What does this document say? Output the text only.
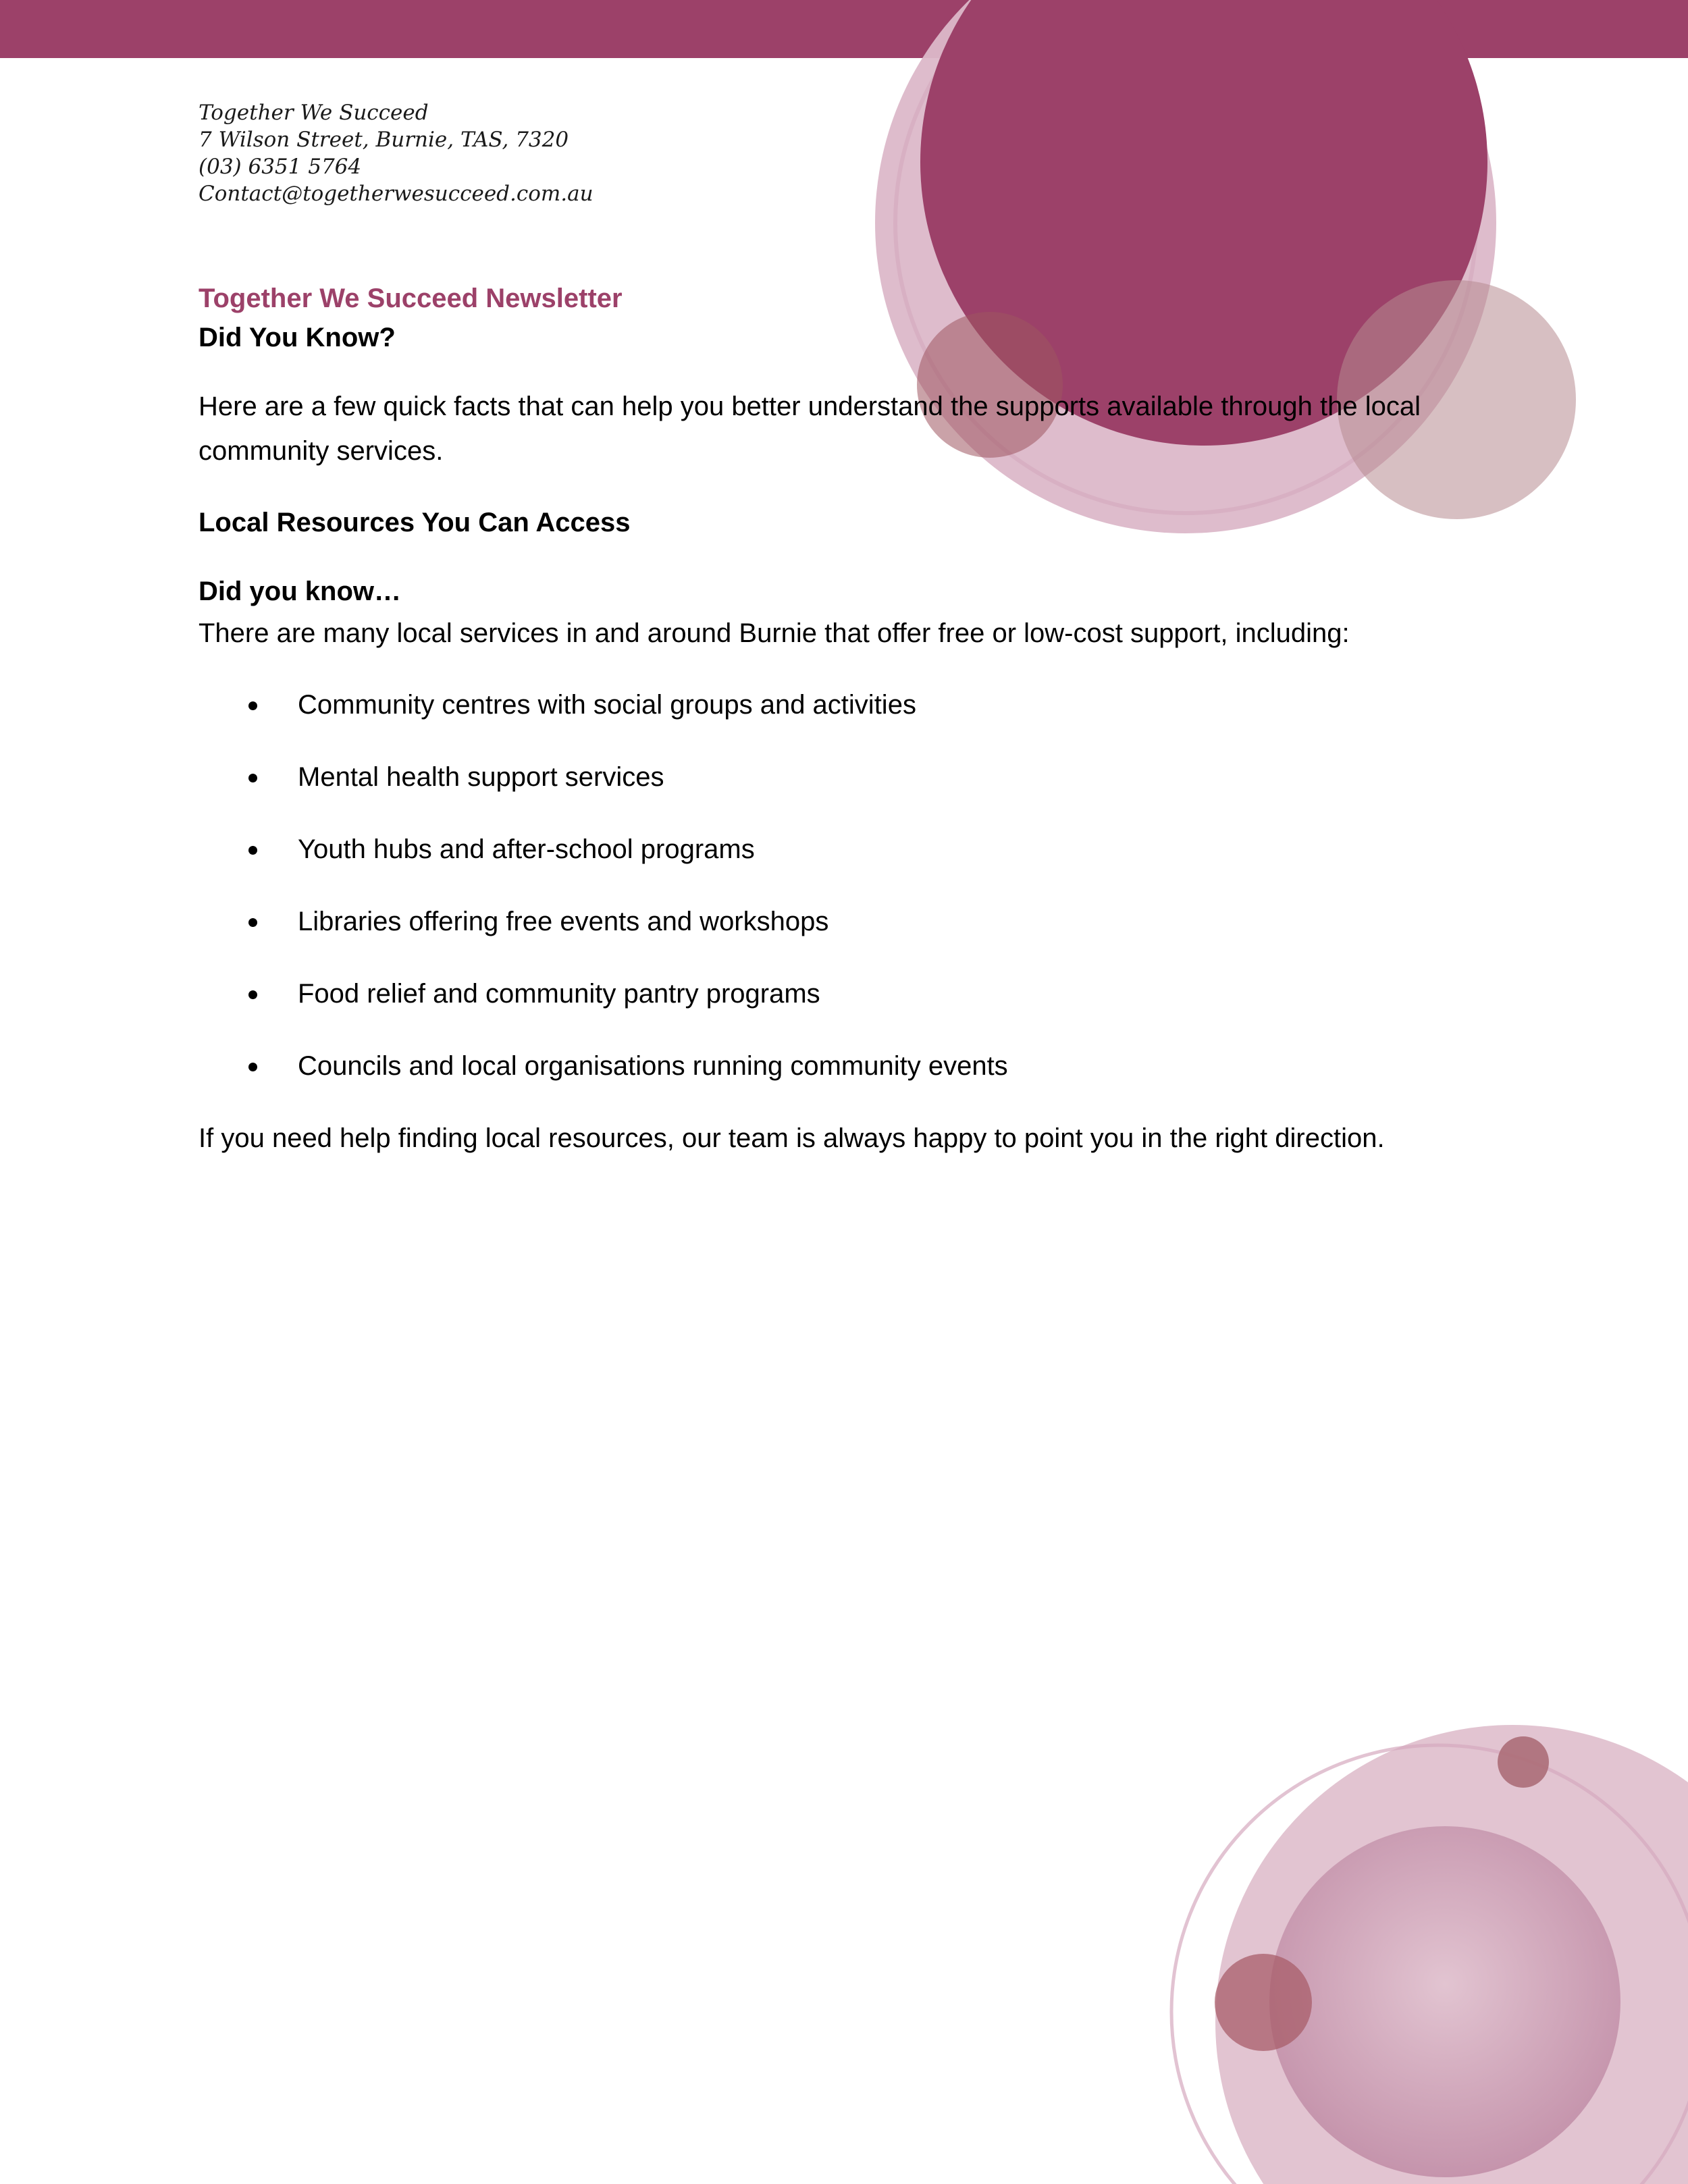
Together We Succeed
7 Wilson Street, Burnie, TAS, 7320
(03) 6351 5764
Contact@togetherwesucceed.com.au
Together We Succeed Newsletter
Did You Know?

Here are a few quick facts that can help you better understand the supports available through the local community services.

Local Resources You Can Access
Did you know…

There are many local services in and around Burnie that offer free or low-cost support, including:

Community centres with social groups and activities
Mental health support services
Youth hubs and after-school programs
Libraries offering free events and workshops
Food relief and community pantry programs
Councils and local organisations running community events

If you need help finding local resources, our team is always happy to point you in the right direction.
